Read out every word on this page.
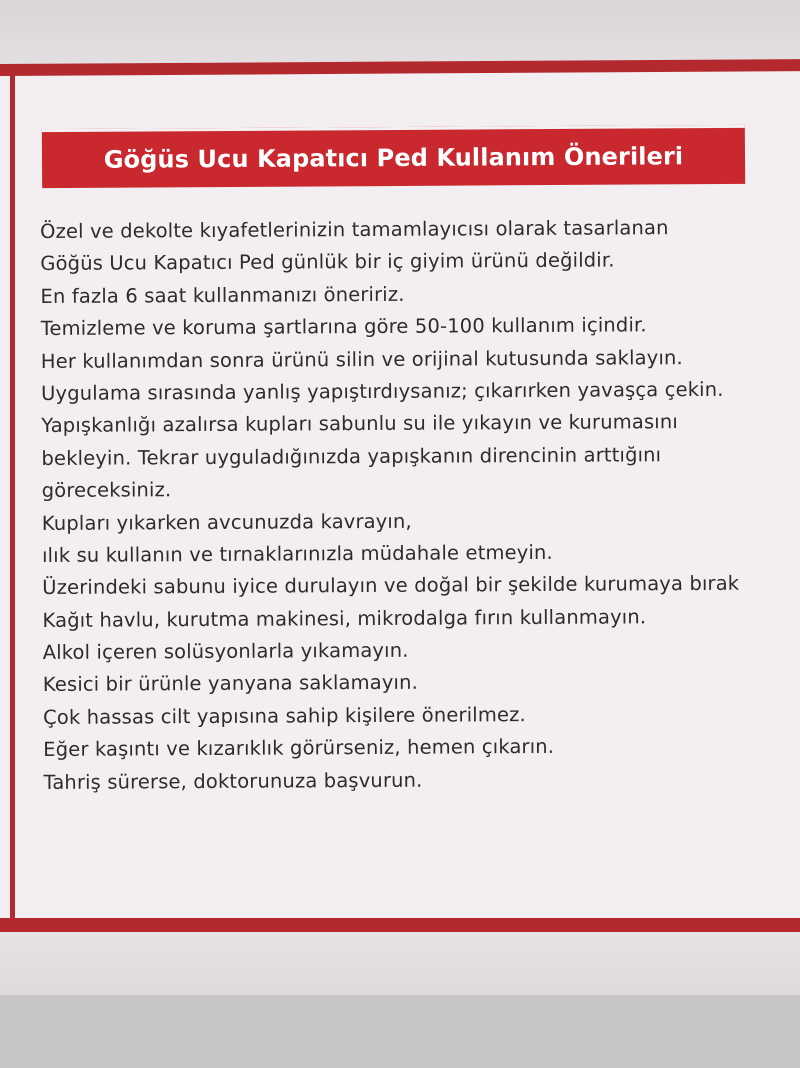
Göğüs Ucu Kapatıcı Ped Kullanım Önerileri
Özel ve dekolte kıyafetlerinizin tamamlayıcısı olarak tasarlanan
Göğüs Ucu Kapatıcı Ped günlük bir iç giyim ürünü değildir.
En fazla 6 saat kullanmanızı öneririz.
Temizleme ve koruma şartlarına göre 50-100 kullanım içindir.
Her kullanımdan sonra ürünü silin ve orijinal kutusunda saklayın.
Uygulama sırasında yanlış yapıştırdıysanız; çıkarırken yavaşça çekin.
Yapışkanlığı azalırsa kupları sabunlu su ile yıkayın ve kurumasını
bekleyin. Tekrar uyguladığınızda yapışkanın direncinin arttığını
göreceksiniz.
Kupları yıkarken avcunuzda kavrayın,
ılık su kullanın ve tırnaklarınızla müdahale etmeyin.
Üzerindeki sabunu iyice durulayın ve doğal bir şekilde kurumaya bırak
Kağıt havlu, kurutma makinesi, mikrodalga fırın kullanmayın.
Alkol içeren solüsyonlarla yıkamayın.
Kesici bir ürünle yanyana saklamayın.
Çok hassas cilt yapısına sahip kişilere önerilmez.
Eğer kaşıntı ve kızarıklık görürseniz, hemen çıkarın.
Tahriş sürerse, doktorunuza başvurun.
